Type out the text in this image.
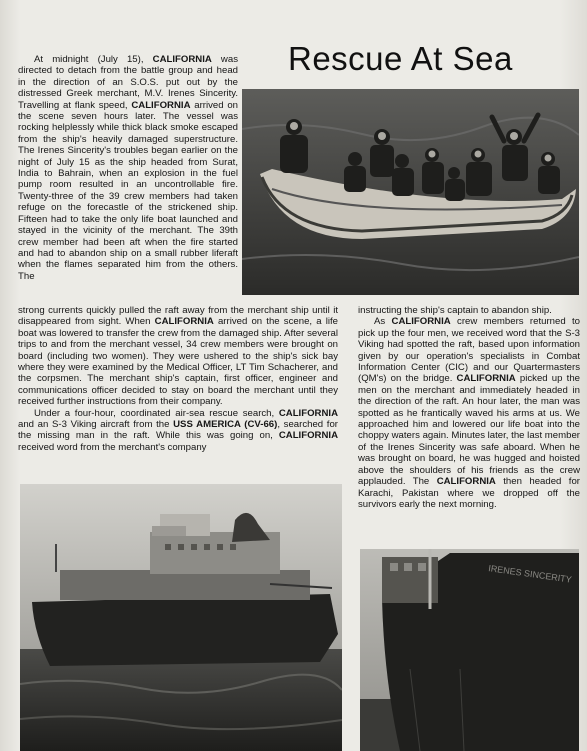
Rescue At Sea

At midnight (July 15), CALIFORNIA was directed to detach from the battle group and head in the direction of an S.O.S. put out by the distressed Greek merchant, M.V. Irenes Sincerity. Travelling at flank speed, CALIFORNIA arrived on the scene seven hours later. The vessel was rocking helplessly while thick black smoke escaped from the ship's heavily damaged superstructure. The Irenes Sincerity's troubles began earlier on the night of July 15 as the ship headed from Surat, India to Bahrain, when an explosion in the fuel pump room resulted in an uncontrollable fire. Twenty-three of the 39 crew members had taken refuge on the forecastle of the strickened ship. Fifteen had to take the only life boat launched and stayed in the vicinity of the merchant. The 39th crew member had been aft when the fire started and had to abandon ship on a small rubber liferaft when the flames separated him from the others. The

strong currents quickly pulled the raft away from the merchant ship until it disappeared from sight. When CALIFORNIA arrived on the scene, a life boat was lowered to transfer the crew from the damaged ship. After several trips to and from the merchant vessel, 34 crew members were brought on board (including two women). They were ushered to the ship's sick bay where they were examined by the Medical Officer, LT Tim Schacherer, and the corpsmen. The merchant ship's captain, first officer, engineer and communications officer decided to stay on board the merchant until they received further instructions from their company.

Under a four-hour, coordinated air-sea rescue search, CALIFORNIA and an S-3 Viking aircraft from the USS AMERICA (CV-66), searched for the missing man in the raft. While this was going on, CALIFORNIA received word from the merchant's company

instructing the ship's captain to abandon ship.

As CALIFORNIA crew members returned to pick up the four men, we received word that the S-3 Viking had spotted the raft, based upon information given by our operation's specialists in Combat Information Center (CIC) and our Quartermasters (QM's) on the bridge. CALIFORNIA picked up the men on the merchant and immediately headed in the direction of the raft. An hour later, the man was spotted as he frantically waved his arms at us. We approached him and lowered our life boat into the choppy waters again. Minutes later, the last member of the Irenes Sincerity was safe aboard. When he was brought on board, he was hugged and hoisted above the shoulders of his friends as the crew applauded. The CALIFORNIA then headed for Karachi, Pakistan where we dropped off the survivors early the next morning.

IRENES SINCERITY
